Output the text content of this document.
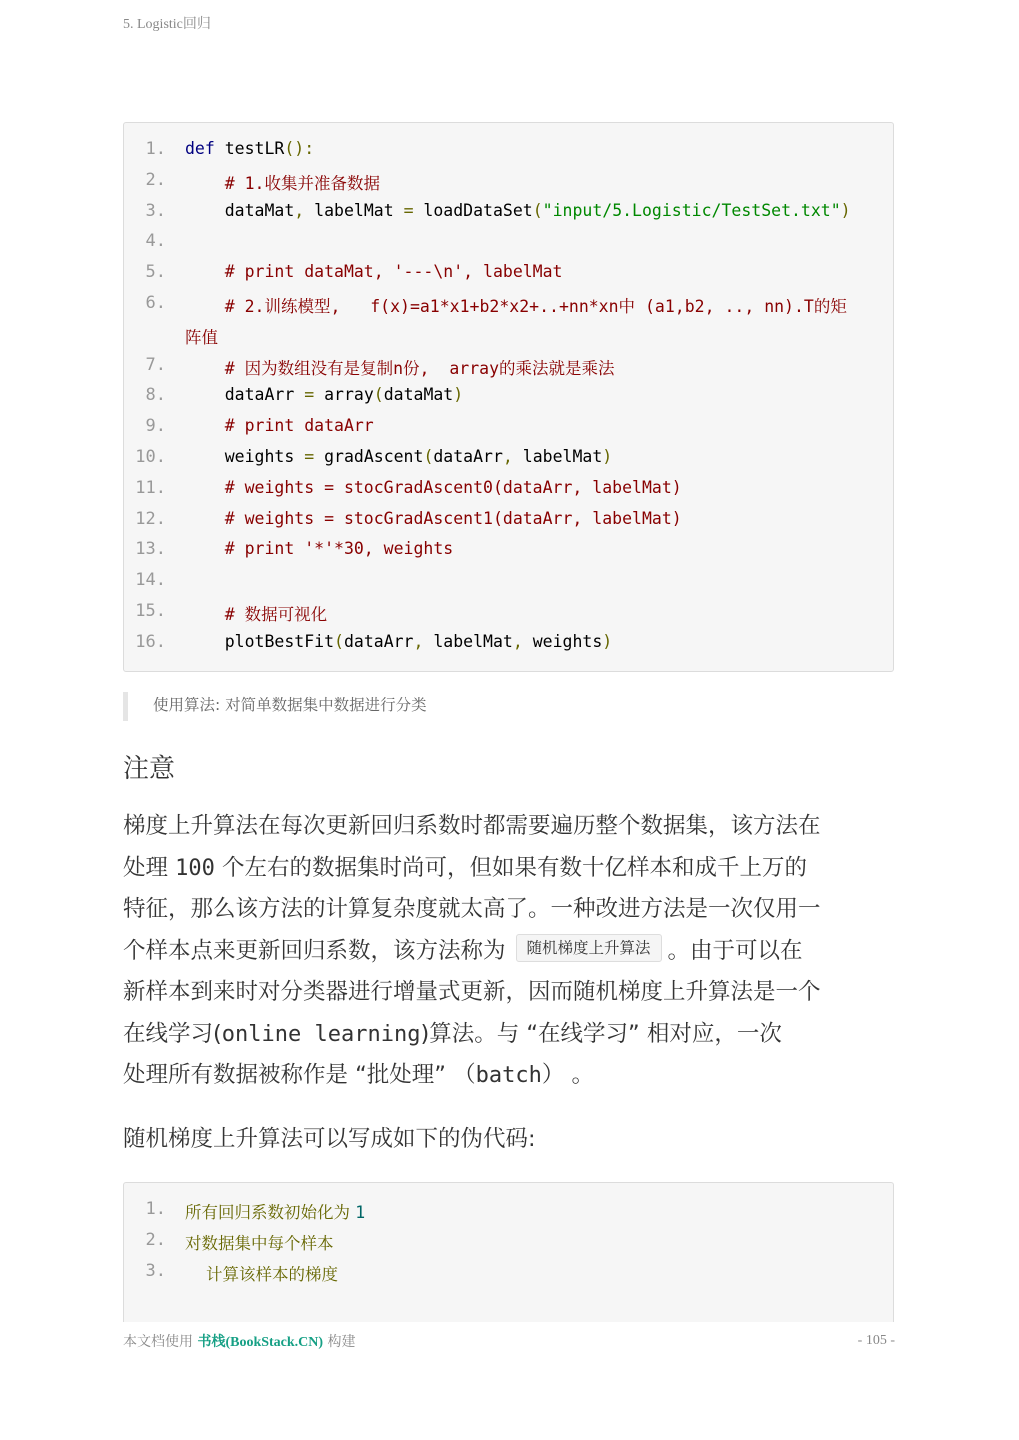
5. Logistic回归
1. def testLR():
2. # 1.收集并准备数据
3. dataMat, labelMat = loadDataSet("input/5.Logistic/TestSet.txt")
4.
5. # print dataMat, '---\n', labelMat
6. # 2.训练模型,   f(x)=a1*x1+b2*x2+..+nn*xn中 (a1,b2, .., nn).T的矩
阵值
7. # 因为数组没有是复制n份,  array的乘法就是乘法
8. dataArr = array(dataMat)
9. # print dataArr
10. weights = gradAscent(dataArr, labelMat)
11. # weights = stocGradAscent0(dataArr, labelMat)
12. # weights = stocGradAscent1(dataArr, labelMat)
13. # print '*'*30, weights
14.
15. # 数据可视化
16. plotBestFit(dataArr, labelMat, weights)
使用算法: 对简单数据集中数据进行分类
注意
梯度上升算法在每次更新回归系数时都需要遍历整个数据集，该方法在
处理 100 个左右的数据集时尚可，但如果有数十亿样本和成千上万的
特征，那么该方法的计算复杂度就太高了。一种改进方法是一次仅用一
个样本点来更新回归系数，该方法称为 随机梯度上升算法 。由于可以在
新样本到来时对分类器进行增量式更新，因而随机梯度上升算法是一个
在线学习(online learning)算法。与 “在线学习” 相对应，一次
处理所有数据被称作是 “批处理” （batch） 。
随机梯度上升算法可以写成如下的伪代码:
1. 所有回归系数初始化为 1
2. 对数据集中每个样本
3. 计算该样本的梯度
本文档使用 书栈(BookStack.CN) 构建	- 105 -
